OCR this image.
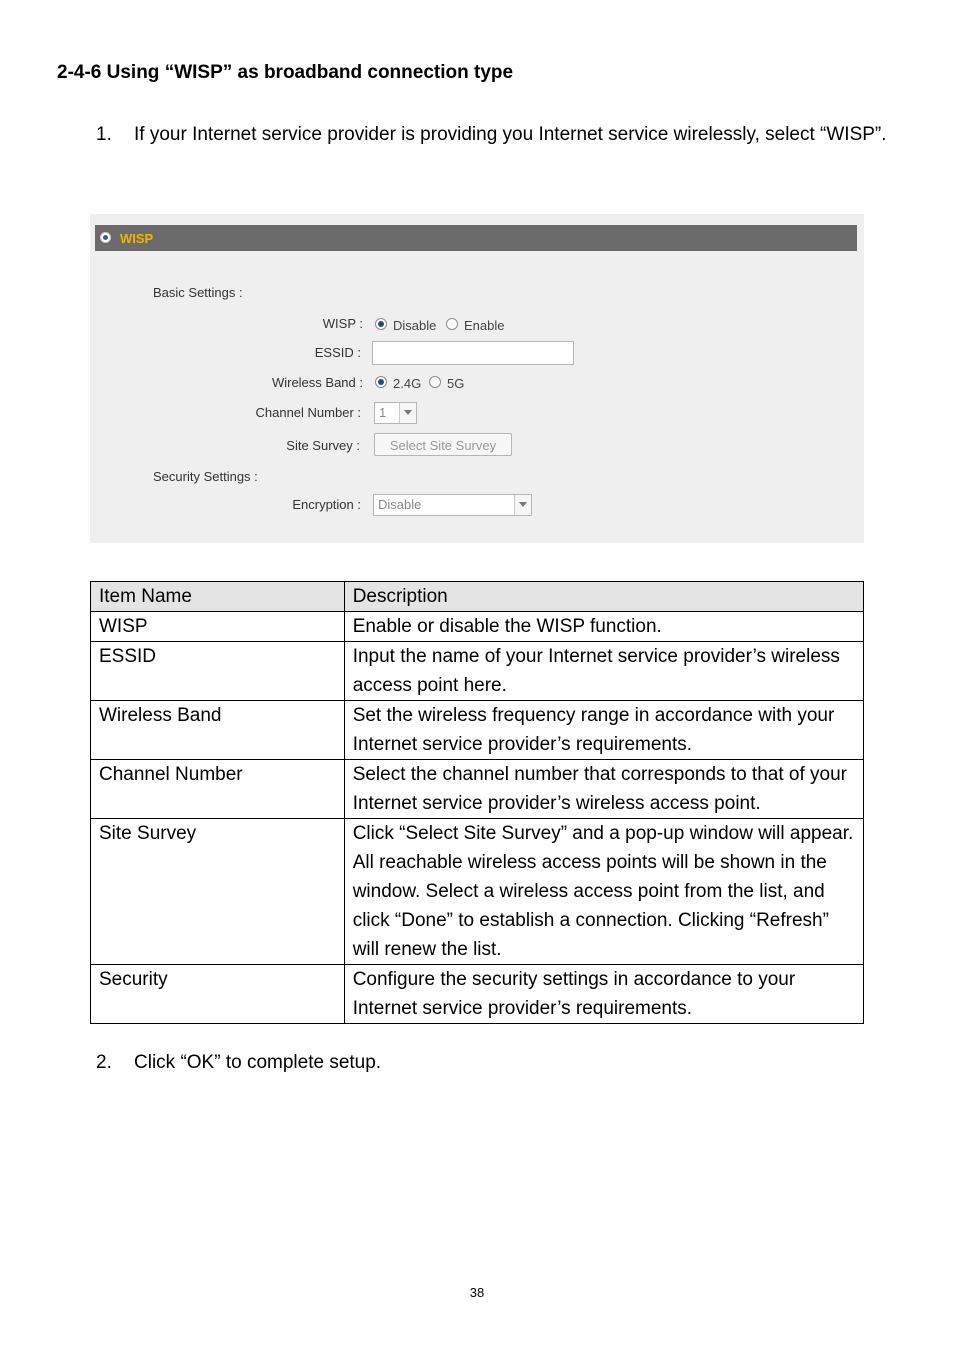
2-4-6 Using “WISP” as broadband connection type
1. If your Internet service provider is providing you Internet service wirelessly, select “WISP”.
WISP
Basic Settings :
WISP : Disable Enable
ESSID :
Wireless Band : 2.4G 5G
Channel Number : 1
Site Survey :	Select Site Survey
Security Settings :
Encryption : Disable
Item Name	Description
WISP	Enable or disable the WISP function.
ESSID	Input the name of your Internet service provider’s wireless access point here.
Wireless Band	Set the wireless frequency range in accordance with your Internet service provider’s requirements.
Channel Number	Select the channel number that corresponds to that of your Internet service provider’s wireless access point.
Site Survey	Click “Select Site Survey” and a pop-up window will appear. All reachable wireless access points will be shown in the window. Select a wireless access point from the list, and click “Done” to establish a connection. Clicking “Refresh” will renew the list.
Security	Configure the security settings in accordance to your Internet service provider’s requirements.
2. Click “OK” to complete setup.
38
